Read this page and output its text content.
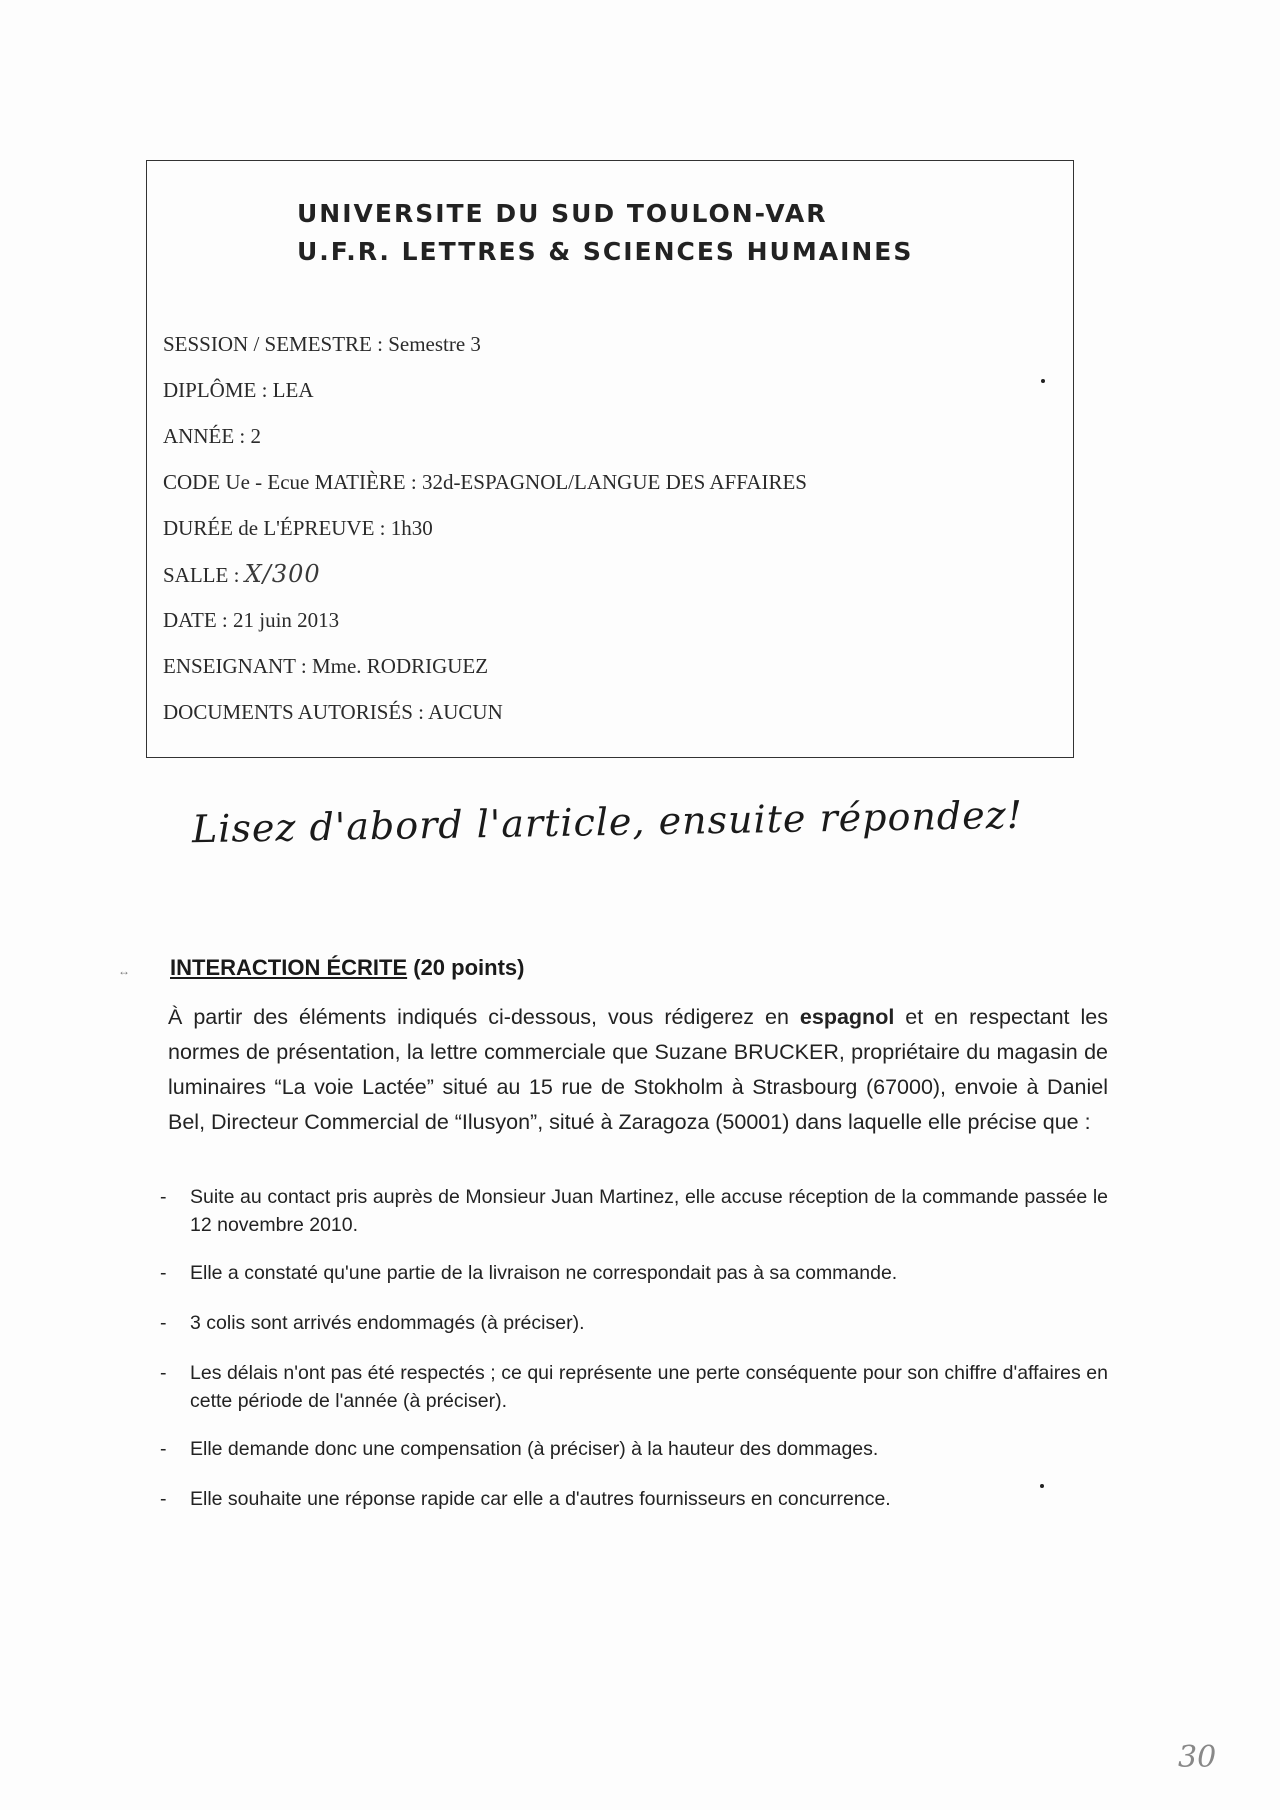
UNIVERSITE DU SUD TOULON-VAR
U.F.R. LETTRES & SCIENCES HUMAINES
SESSION / SEMESTRE : Semestre 3
DIPLÔME : LEA
ANNÉE : 2
CODE Ue - Ecue MATIÈRE : 32d-ESPAGNOL/LANGUE DES AFFAIRES
DURÉE de L'ÉPREUVE : 1h30
SALLE : X/300
DATE : 21 juin 2013
ENSEIGNANT : Mme. RODRIGUEZ
DOCUMENTS AUTORISÉS : AUCUN
Lisez d'abord l'article, ensuite répondez!
↔ INTERACTION ÉCRITE (20 points)

À partir des éléments indiqués ci-dessous, vous rédigerez en espagnol et en respectant les normes de présentation, la lettre commerciale que Suzane BRUCKER, propriétaire du magasin de luminaires “La voie Lactée” situé au 15 rue de Stokholm à Strasbourg (67000), envoie à Daniel Bel, Directeur Commercial de “Ilusyon”, situé à Zaragoza (50001) dans laquelle elle précise que :

- Suite au contact pris auprès de Monsieur Juan Martinez, elle accuse réception de la commande passée le 12 novembre 2010.
- Elle a constaté qu'une partie de la livraison ne correspondait pas à sa commande.
- 3 colis sont arrivés endommagés (à préciser).
- Les délais n'ont pas été respectés ; ce qui représente une perte conséquente pour son chiffre d'affaires en cette période de l'année (à préciser).
- Elle demande donc une compensation (à préciser) à la hauteur des dommages.
- Elle souhaite une réponse rapide car elle a d'autres fournisseurs en concurrence.
30
